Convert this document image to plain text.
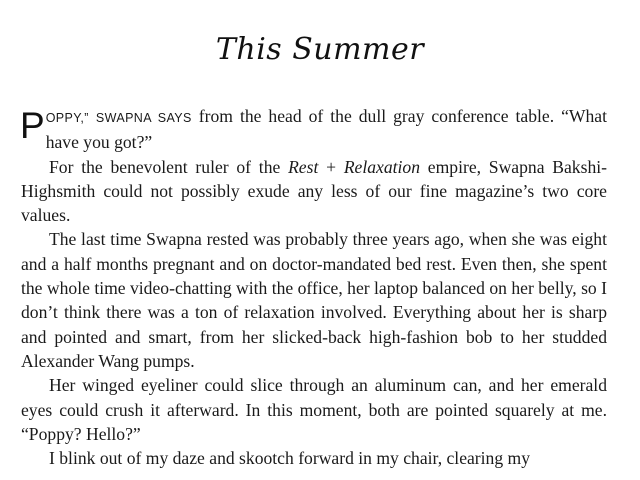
This Summer

POPPY,” SWAPNA SAYS from the head of the dull gray conference table. “What have you got?”

For the benevolent ruler of the Rest + Relaxation empire, Swapna Bakshi-Highsmith could not possibly exude any less of our fine magazine’s two core values.

The last time Swapna rested was probably three years ago, when she was eight and a half months pregnant and on doctor-mandated bed rest. Even then, she spent the whole time video-chatting with the office, her laptop balanced on her belly, so I don’t think there was a ton of relaxation involved. Everything about her is sharp and pointed and smart, from her slicked-back high-fashion bob to her studded Alexander Wang pumps.

Her winged eyeliner could slice through an aluminum can, and her emerald eyes could crush it afterward. In this moment, both are pointed squarely at me. “Poppy? Hello?”

I blink out of my daze and skootch forward in my chair, clearing my
